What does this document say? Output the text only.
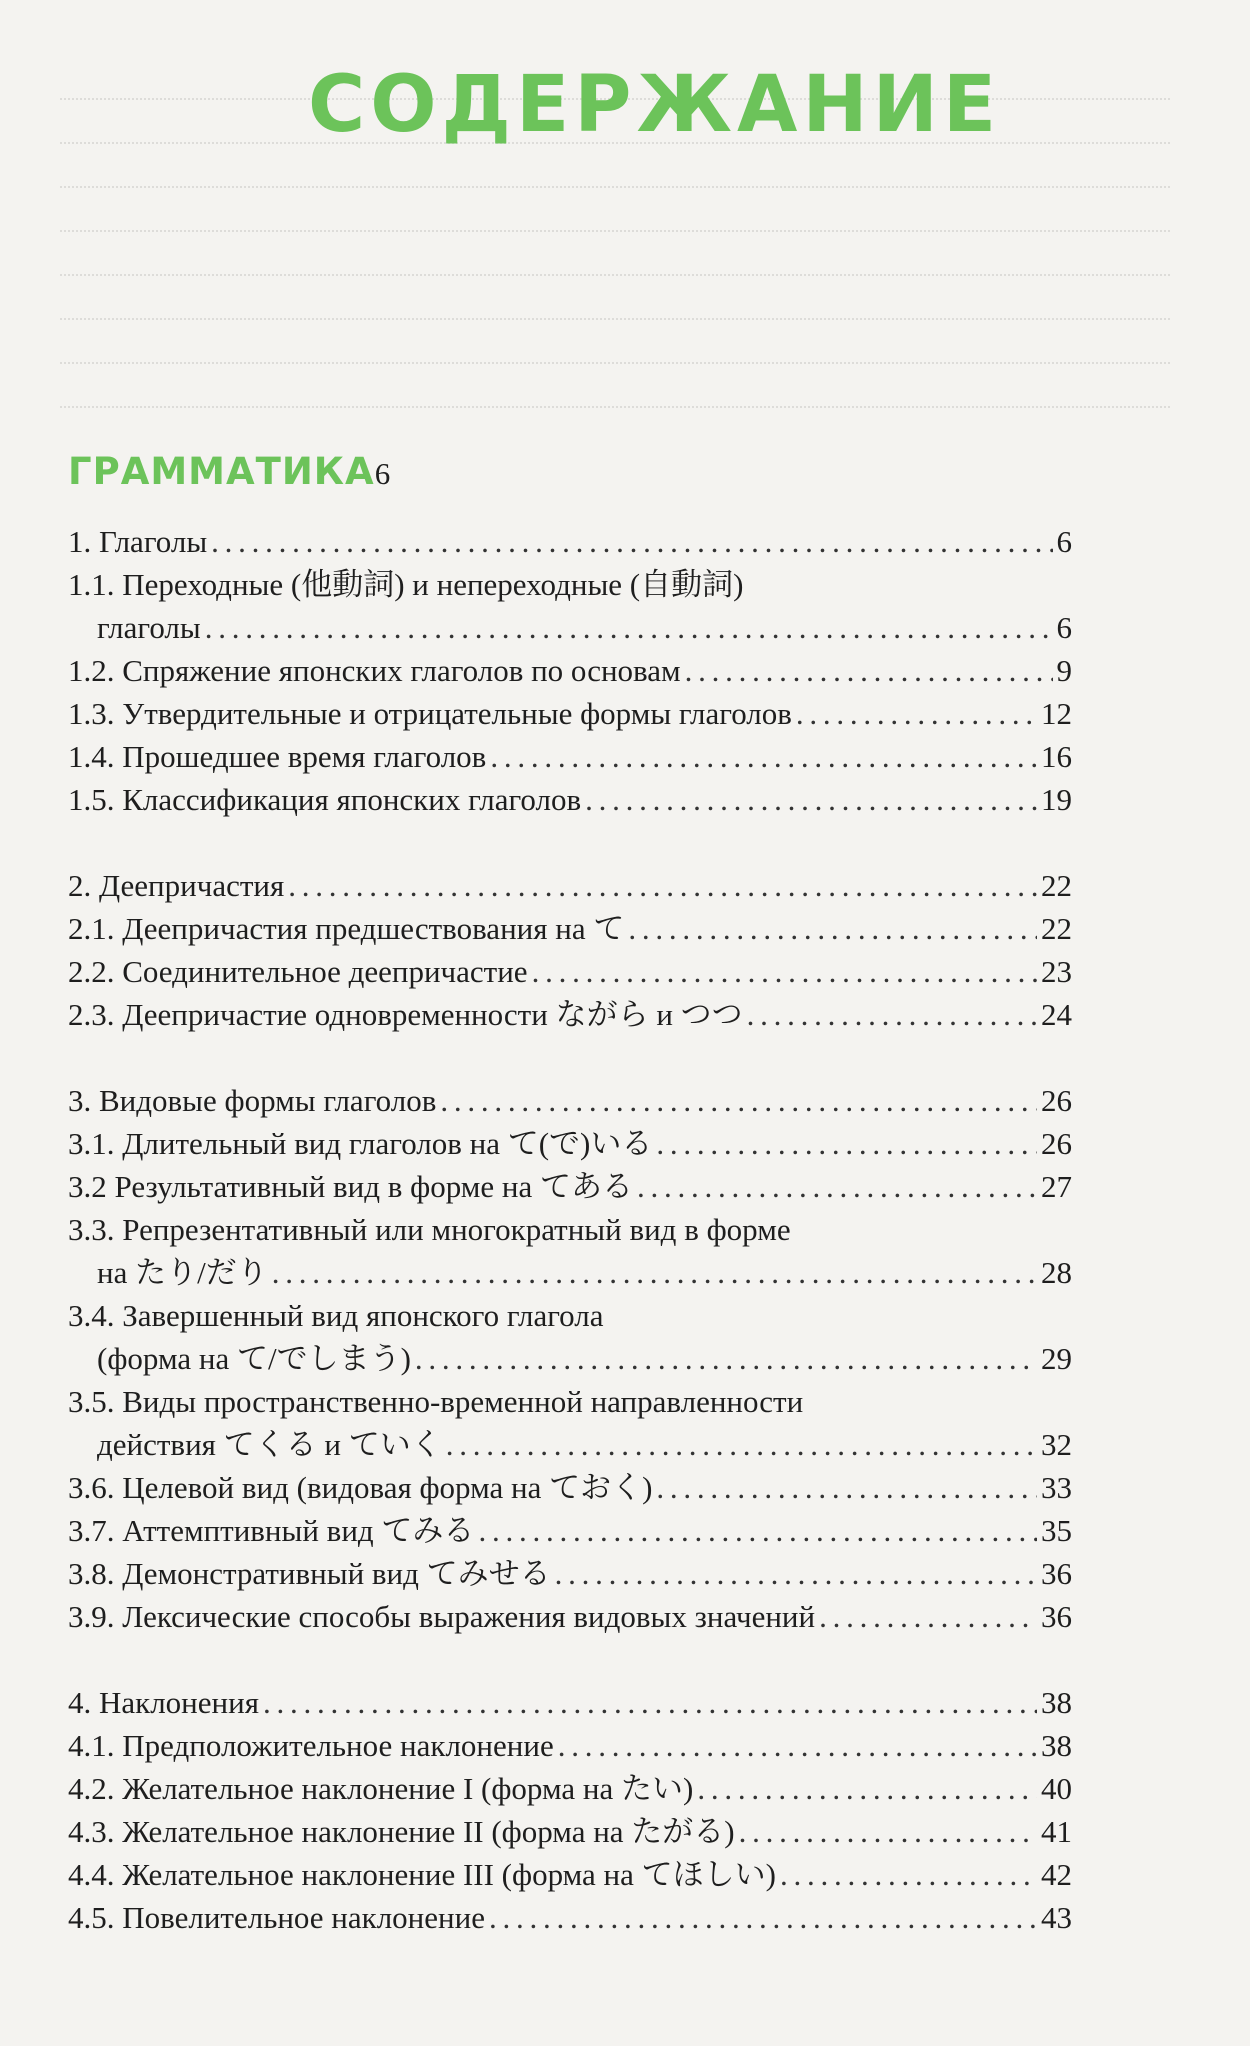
СОДЕРЖАНИЕ
ГРАММАТИКА 6
1. Глаголы . . .	6
1.1. Переходные (他動詞) и непереходные (自動詞)
глаголы . . .	6
1.2. Спряжение японских глаголов по основам . . .	9
1.3. Утвердительные и отрицательные формы глаголов . . .	12
1.4. Прошедшее время глаголов . . .	16
1.5. Классификация японских глаголов . . .	19
2. Деепричастия . . .	22
2.1. Деепричастия предшествования на て . . .	22
2.2. Соединительное деепричастие . . .	23
2.3. Деепричастие одновременности ながら и つつ . . .	24
3. Видовые формы глаголов . . .	26
3.1. Длительный вид глаголов на て(で)いる . . .	26
3.2 Результативный вид в форме на てある . . .	27
3.3. Репрезентативный или многократный вид в форме
на たり/だり . . .	28
3.4. Завершенный вид японского глагола
(форма на て/でしまう) . . .	29
3.5. Виды пространственно-временной направленности
действия てくる и ていく . . .	32
3.6. Целевой вид (видовая форма на ておく) . . .	33
3.7. Аттемптивный вид てみる . . .	35
3.8. Демонстративный вид てみせる . . .	36
3.9. Лексические способы выражения видовых значений . . .	36
4. Наклонения . . .	38
4.1. Предположительное наклонение . . .	38
4.2. Желательное наклонение I (форма на たい) . . .	40
4.3. Желательное наклонение II (форма на たがる) . . .	41
4.4. Желательное наклонение III (форма на てほしい) . . .	42
4.5. Повелительное наклонение . . .	43
